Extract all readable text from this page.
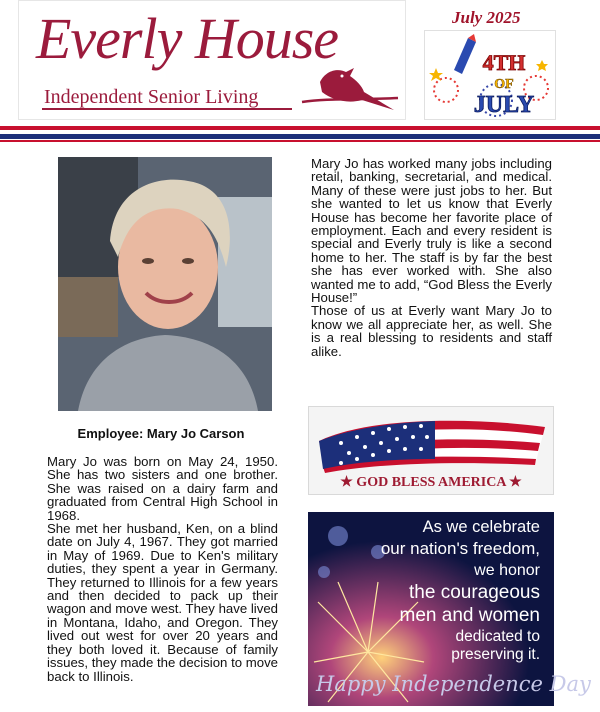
Everly House
Independent Senior Living
July 2025
4TH
OF
JULY
Employee: Mary Jo Carson

Mary Jo was born on May 24, 1950. She has two sisters and one brother. She was raised on a dairy farm and graduated from Central High School in 1968.

She met her husband, Ken, on a blind date on July 4, 1967. They got married in May of 1969. Due to Ken's military duties, they spent a year in Germany. They returned to Illinois for a few years and then decided to pack up their wagon and move west. They have lived in Montana, Idaho, and Oregon. They lived out west for over 20 years and they both loved it. Because of family issues, they made the decision to move back to Illinois.

Mary Jo has worked many jobs including retail, banking, secretarial, and medical. Many of these were just jobs to her. But she wanted to let us know that Everly House has become her favorite place of employment. Each and every resident is special and Everly truly is like a second home to her. The staff is by far the best she has ever worked with. She also wanted me to add, “God Bless the Everly House!”

Those of us at Everly want Mary Jo to know we all appreciate her, as well. She is a real blessing to residents and staff alike.

★ GOD BLESS AMERICA ★
As we celebrate
our nation's freedom,
we honor
the courageous
men and women
dedicated to
preserving it.
Happy Independence Day
